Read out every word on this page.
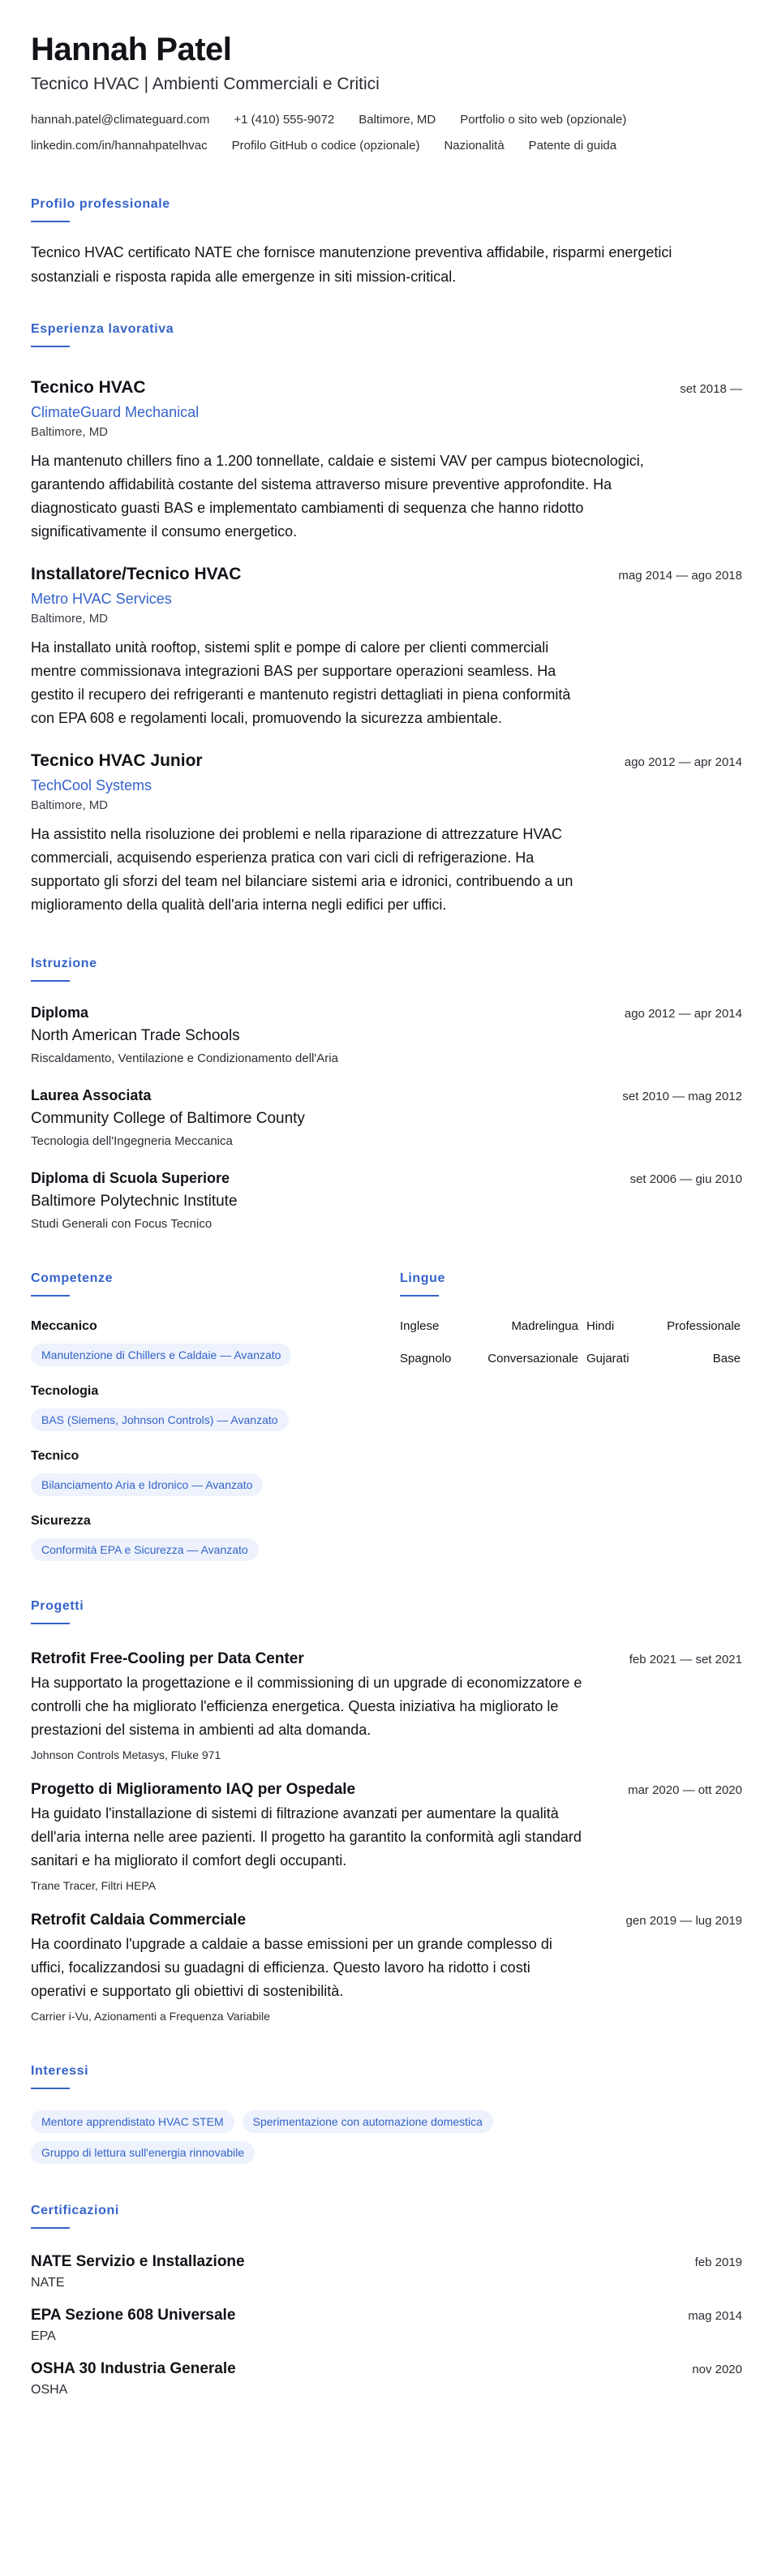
Hannah Patel
Tecnico HVAC | Ambienti Commerciali e Critici
hannah.patel@climateguard.com +1 (410) 555-9072 Baltimore, MD Portfolio o sito web (opzionale)
linkedin.com/in/hannahpatelhvac Profilo GitHub o codice (opzionale) Nazionalità Patente di guida
Profilo professionale

Tecnico HVAC certificato NATE che fornisce manutenzione preventiva affidabile, risparmi energetici sostanziali e risposta rapida alle emergenze in siti mission-critical.

Esperienza lavorativa
Tecnico HVAC	set 2018 —
ClimateGuard Mechanical
Baltimore, MD
Ha mantenuto chillers fino a 1.200 tonnellate, caldaie e sistemi VAV per campus biotecnologici, garantendo affidabilità costante del sistema attraverso misure preventive approfondite. Ha diagnosticato guasti BAS e implementato cambiamenti di sequenza che hanno ridotto significativamente il consumo energetico.
Installatore/Tecnico HVAC	mag 2014 — ago 2018
Metro HVAC Services
Baltimore, MD
Ha installato unità rooftop, sistemi split e pompe di calore per clienti commerciali mentre commissionava integrazioni BAS per supportare operazioni seamless. Ha gestito il recupero dei refrigeranti e mantenuto registri dettagliati in piena conformità con EPA 608 e regolamenti locali, promuovendo la sicurezza ambientale.
Tecnico HVAC Junior	ago 2012 — apr 2014
TechCool Systems
Baltimore, MD
Ha assistito nella risoluzione dei problemi e nella riparazione di attrezzature HVAC commerciali, acquisendo esperienza pratica con vari cicli di refrigerazione. Ha supportato gli sforzi del team nel bilanciare sistemi aria e idronici, contribuendo a un miglioramento della qualità dell'aria interna negli edifici per uffici.
Istruzione
Diploma	ago 2012 — apr 2014
North American Trade Schools
Riscaldamento, Ventilazione e Condizionamento dell'Aria
Laurea Associata	set 2010 — mag 2012
Community College of Baltimore County
Tecnologia dell'Ingegneria Meccanica
Diploma di Scuola Superiore	set 2006 — giu 2010
Baltimore Polytechnic Institute
Studi Generali con Focus Tecnico
Competenze
Meccanico
Manutenzione di Chillers e Caldaie — Avanzato
Tecnologia
BAS (Siemens, Johnson Controls) — Avanzato
Tecnico
Bilanciamento Aria e Idronico — Avanzato
Sicurezza
Conformità EPA e Sicurezza — Avanzato
Lingue
Inglese	Madrelingua Hindi	Professionale
Spagnolo	Conversazionale Gujarati	Base
Progetti
Retrofit Free-Cooling per Data Center	feb 2021 — set 2021
Ha supportato la progettazione e il commissioning di un upgrade di economizzatore e controlli che ha migliorato l'efficienza energetica. Questa iniziativa ha migliorato le prestazioni del sistema in ambienti ad alta domanda.
Johnson Controls Metasys, Fluke 971
Progetto di Miglioramento IAQ per Ospedale	mar 2020 — ott 2020
Ha guidato l'installazione di sistemi di filtrazione avanzati per aumentare la qualità dell'aria interna nelle aree pazienti. Il progetto ha garantito la conformità agli standard sanitari e ha migliorato il comfort degli occupanti.
Trane Tracer, Filtri HEPA
Retrofit Caldaia Commerciale	gen 2019 — lug 2019
Ha coordinato l'upgrade a caldaie a basse emissioni per un grande complesso di uffici, focalizzandosi su guadagni di efficienza. Questo lavoro ha ridotto i costi operativi e supportato gli obiettivi di sostenibilità.
Carrier i-Vu, Azionamenti a Frequenza Variabile
Interessi
Mentore apprendistato HVAC STEM	Sperimentazione con automazione domestica
Gruppo di lettura sull'energia rinnovabile
Certificazioni
NATE Servizio e Installazione	feb 2019
NATE
EPA Sezione 608 Universale	mag 2014
EPA
OSHA 30 Industria Generale	nov 2020
OSHA
